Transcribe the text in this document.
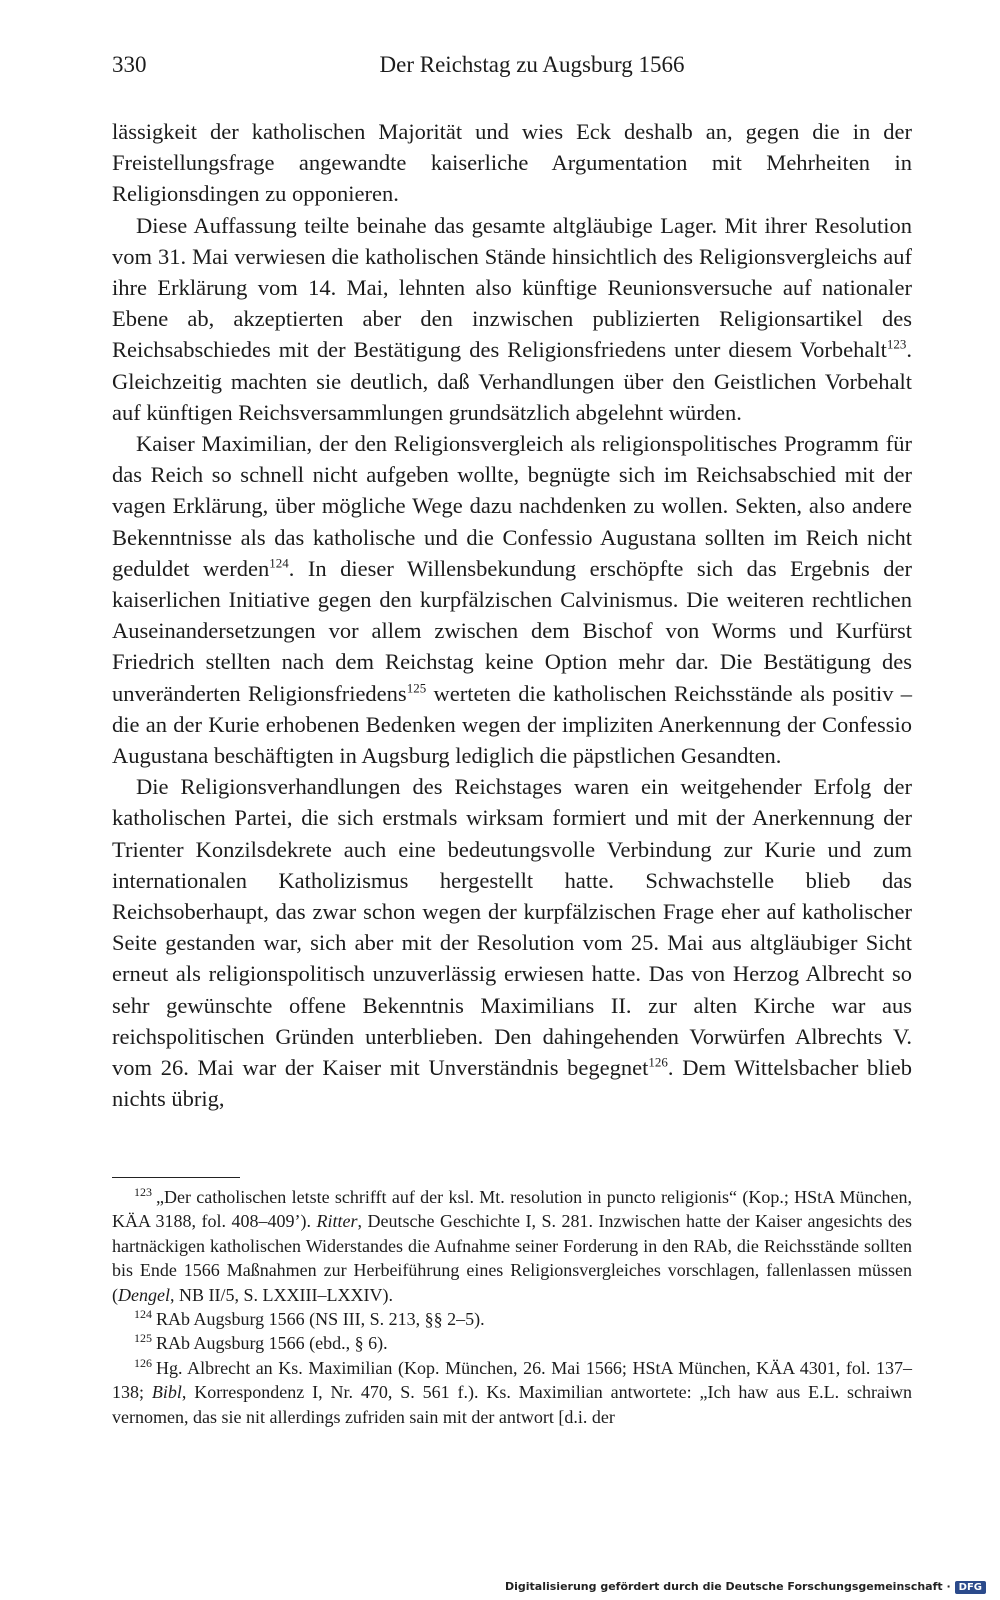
330	Der Reichstag zu Augsburg 1566

lässigkeit der katholischen Majorität und wies Eck deshalb an, gegen die in der Freistellungsfrage angewandte kaiserliche Argumentation mit Mehrheiten in Religionsdingen zu opponieren.

Diese Auffassung teilte beinahe das gesamte altgläubige Lager. Mit ihrer Resolution vom 31. Mai verwiesen die katholischen Stände hinsichtlich des Religionsvergleichs auf ihre Erklärung vom 14. Mai, lehnten also künftige Reunionsversuche auf nationaler Ebene ab, akzeptierten aber den inzwischen publizierten Religionsartikel des Reichsabschiedes mit der Bestätigung des Religionsfriedens unter diesem Vorbehalt$^{123}$. Gleichzeitig machten sie deutlich, daß Verhandlungen über den Geistlichen Vorbehalt auf künftigen Reichsversammlungen grundsätzlich abgelehnt würden.

Kaiser Maximilian, der den Religionsvergleich als religionspolitisches Programm für das Reich so schnell nicht aufgeben wollte, begnügte sich im Reichsabschied mit der vagen Erklärung, über mögliche Wege dazu nachdenken zu wollen. Sekten, also andere Bekenntnisse als das katholische und die Confessio Augustana sollten im Reich nicht geduldet werden$^{124}$. In dieser Willensbekundung erschöpfte sich das Ergebnis der kaiserlichen Initiative gegen den kurpfälzischen Calvinismus. Die weiteren rechtlichen Auseinandersetzungen vor allem zwischen dem Bischof von Worms und Kurfürst Friedrich stellten nach dem Reichstag keine Option mehr dar. Die Bestätigung des unveränderten Religionsfriedens$^{125}$ werteten die katholischen Reichsstände als positiv – die an der Kurie erhobenen Bedenken wegen der impliziten Anerkennung der Confessio Augustana beschäftigten in Augsburg lediglich die päpstlichen Gesandten.

Die Religionsverhandlungen des Reichstages waren ein weitgehender Erfolg der katholischen Partei, die sich erstmals wirksam formiert und mit der Anerkennung der Trienter Konzilsdekrete auch eine bedeutungsvolle Verbindung zur Kurie und zum internationalen Katholizismus hergestellt hatte. Schwachstelle blieb das Reichsoberhaupt, das zwar schon wegen der kurpfälzischen Frage eher auf katholischer Seite gestanden war, sich aber mit der Resolution vom 25. Mai aus altgläubiger Sicht erneut als religionspolitisch unzuverlässig erwiesen hatte. Das von Herzog Albrecht so sehr gewünschte offene Bekenntnis Maximilians II. zur alten Kirche war aus reichspolitischen Gründen unterblieben. Den dahingehenden Vorwürfen Albrechts V. vom 26. Mai war der Kaiser mit Unverständnis begegnet$^{126}$. Dem Wittelsbacher blieb nichts übrig,

$^{123}$ „Der catholischen letste schrifft auf der ksl. Mt. resolution in puncto religionis“ (Kop.; HStA München, KÄA 3188, fol. 408–409’). Ritter, Deutsche Geschichte I, S. 281. Inzwischen hatte der Kaiser angesichts des hartnäckigen katholischen Widerstandes die Aufnahme seiner Forderung in den RAb, die Reichsstände sollten bis Ende 1566 Maßnahmen zur Herbeiführung eines Religionsvergleiches vorschlagen, fallenlassen müssen (Dengel, NB II/5, S. LXXIII–LXXIV).

$^{124}$ RAb Augsburg 1566 (NS III, S. 213, §§ 2–5).

$^{125}$ RAb Augsburg 1566 (ebd., § 6).

$^{126}$ Hg. Albrecht an Ks. Maximilian (Kop. München, 26. Mai 1566; HStA München, KÄA 4301, fol. 137–138; Bibl, Korrespondenz I, Nr. 470, S. 561 f.). Ks. Maximilian antwortete: „Ich haw aus E.L. schraiwn vernomen, das sie nit allerdings zufriden sain mit der antwort [d.i. der

Digitalisierung gefördert durch die Deutsche Forschungsgemeinschaft · DFG
